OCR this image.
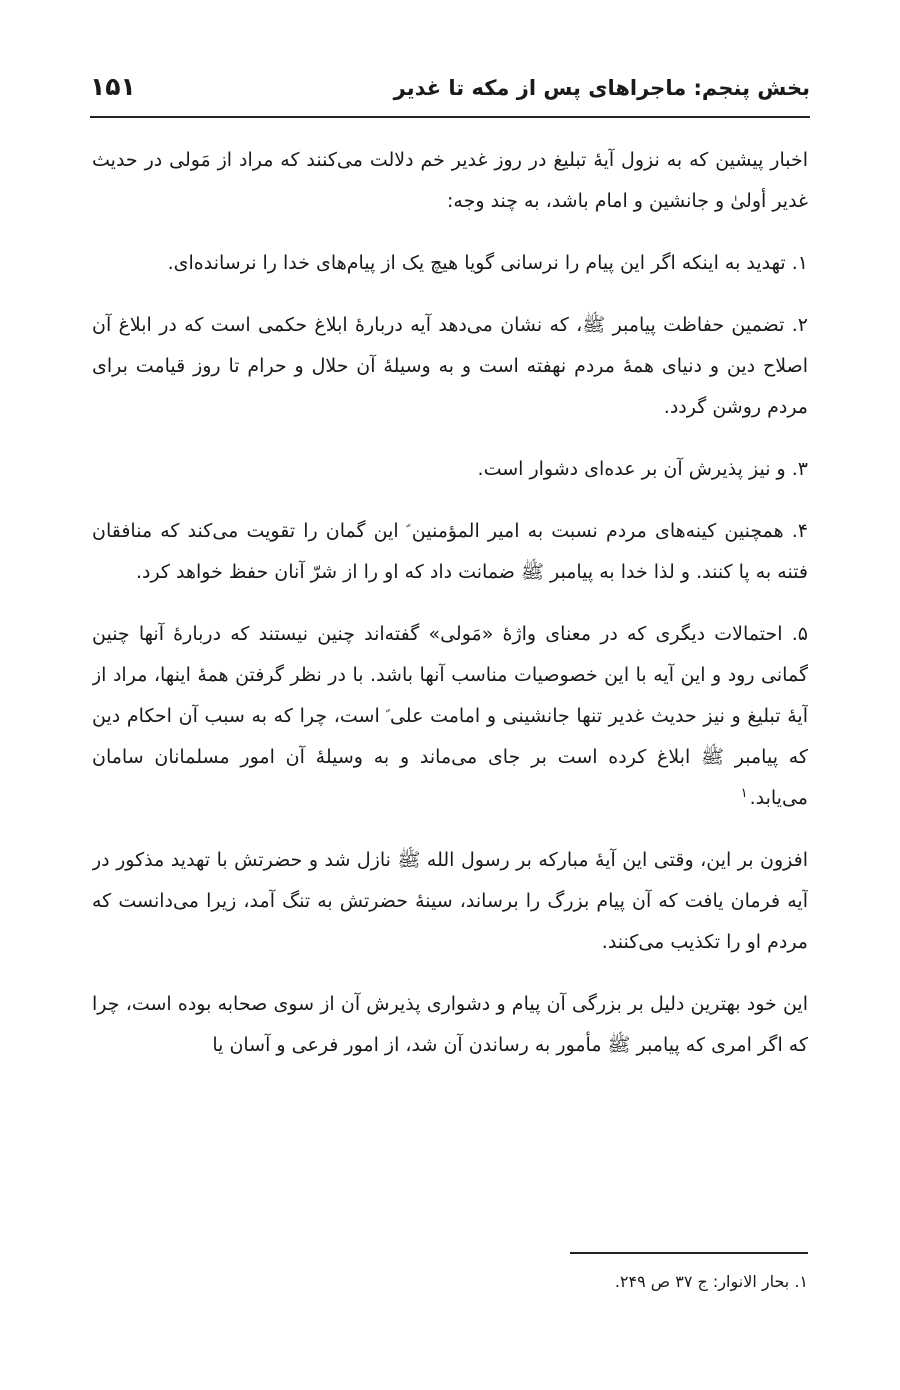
بخش پنجم: ماجراهای پس از مکه تا غدیر
۱۵۱

اخبار پیشین که به نزول آیهٔ تبلیغ در روز غدیر خم دلالت می‌کنند که مراد از مَولی در حدیث غدیر أولیٰ و جانشین و امام باشد، به چند وجه:

۱. تهدید به اینکه اگر این پیام را نرسانی گویا هیچ یک از پیام‌های خدا را نرسانده‌ای.

۲. تضمین حفاظت پیامبر ﷺ، که نشان می‌دهد آیه دربارهٔ ابلاغ حکمی است که در ابلاغ آن اصلاح دین و دنیای همهٔ مردم نهفته است و به وسیلهٔ آن حلال و حرام تا روز قیامت برای مردم روشن گردد.

۳. و نیز پذیرش آن بر عده‌ای دشوار است.

۴. همچنین کینه‌های مردم نسبت به امیر المؤمنین ؑ این گمان را تقویت می‌کند که منافقان فتنه به پا کنند. و لذا خدا به پیامبر ﷺ ضمانت داد که او را از شرّ آنان حفظ خواهد کرد.

۵. احتمالات دیگری که در معنای واژهٔ «مَولی» گفته‌اند چنین نیستند که دربارهٔ آنها چنین گمانی رود و این آیه با این خصوصیات مناسب آنها باشد. با در نظر گرفتن همهٔ اینها، مراد از آیهٔ تبلیغ و نیز حدیث غدیر تنها جانشینی و امامت علی ؑ است، چرا که به سبب آن احکام دین که پیامبر ﷺ ابلاغ کرده است بر جای می‌ماند و به وسیلهٔ آن امور مسلمانان سامان می‌یابد.$^۱$

افزون بر این، وقتی این آیهٔ مبارکه بر رسول الله ﷺ نازل شد و حضرتش با تهدید مذکور در آیه فرمان یافت که آن پیام بزرگ را برساند، سینهٔ حضرتش به تنگ آمد، زیرا می‌دانست که مردم او را تکذیب می‌کنند.

این خود بهترین دلیل بر بزرگی آن پیام و دشواری پذیرش آن از سوی صحابه بوده است، چرا که اگر امری که پیامبر ﷺ مأمور به رساندن آن شد، از امور فرعی و آسان یا

۱. بحار الانوار: ج ۳۷ ص ۲۴۹.
